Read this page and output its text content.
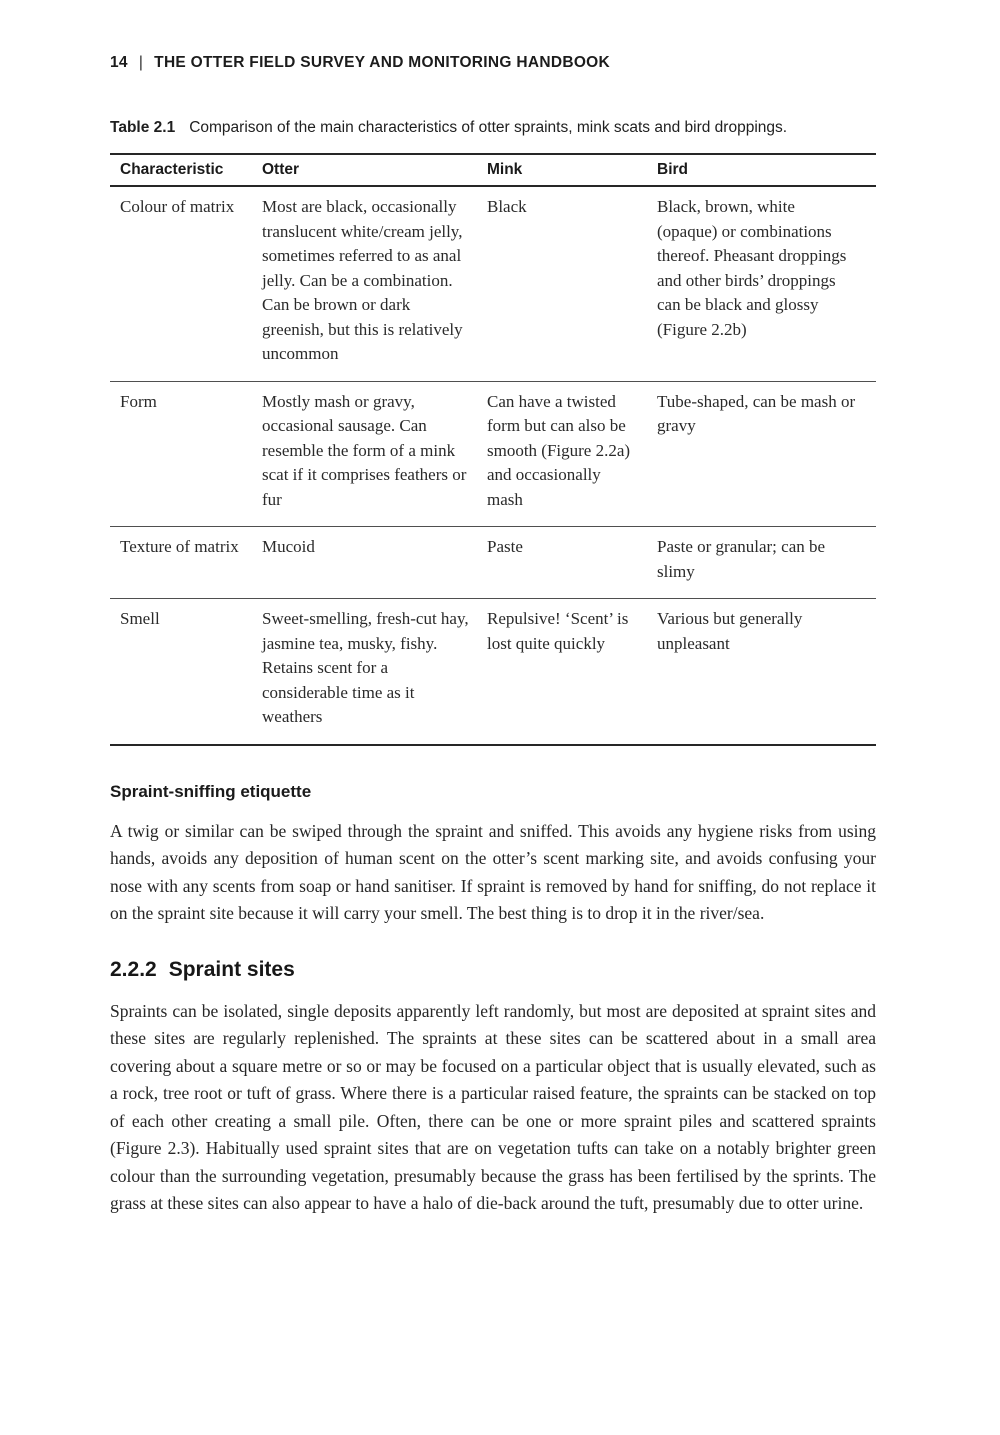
14 | THE OTTER FIELD SURVEY AND MONITORING HANDBOOK
Table 2.1 Comparison of the main characteristics of otter spraints, mink scats and bird droppings.
Characteristic	Otter	Mink	Bird
Colour of matrix	Most are black, occasionally translucent white/cream jelly, sometimes referred to as anal jelly. Can be a combination. Can be brown or dark greenish, but this is relatively uncommon	Black	Black, brown, white (opaque) or combinations thereof. Pheasant droppings and other birds’ droppings can be black and glossy (Figure 2.2b)
Form	Mostly mash or gravy, occasional sausage. Can resemble the form of a mink scat if it comprises feathers or fur	Can have a twisted form but can also be smooth (Figure 2.2a) and occasionally mash	Tube-shaped, can be mash or gravy
Texture of matrix	Mucoid	Paste	Paste or granular; can be slimy
Smell	Sweet-smelling, fresh-cut hay, jasmine tea, musky, fishy. Retains scent for a considerable time as it weathers	Repulsive! ‘Scent’ is lost quite quickly	Various but generally unpleasant
Spraint-sniffing etiquette

A twig or similar can be swiped through the spraint and sniffed. This avoids any hygiene risks from using hands, avoids any deposition of human scent on the otter’s scent marking site, and avoids confusing your nose with any scents from soap or hand sanitiser. If spraint is removed by hand for sniffing, do not replace it on the spraint site because it will carry your smell. The best thing is to drop it in the river/sea.

2.2.2 Spraint sites

Spraints can be isolated, single deposits apparently left randomly, but most are deposited at spraint sites and these sites are regularly replenished. The spraints at these sites can be scattered about in a small area covering about a square metre or so or may be focused on a particular object that is usually elevated, such as a rock, tree root or tuft of grass. Where there is a particular raised feature, the spraints can be stacked on top of each other creating a small pile. Often, there can be one or more spraint piles and scattered spraints (Figure 2.3). Habitually used spraint sites that are on vegetation tufts can take on a notably brighter green colour than the surrounding vegetation, presumably because the grass has been fertilised by the sprints. The grass at these sites can also appear to have a halo of die-back around the tuft, presumably due to otter urine.
